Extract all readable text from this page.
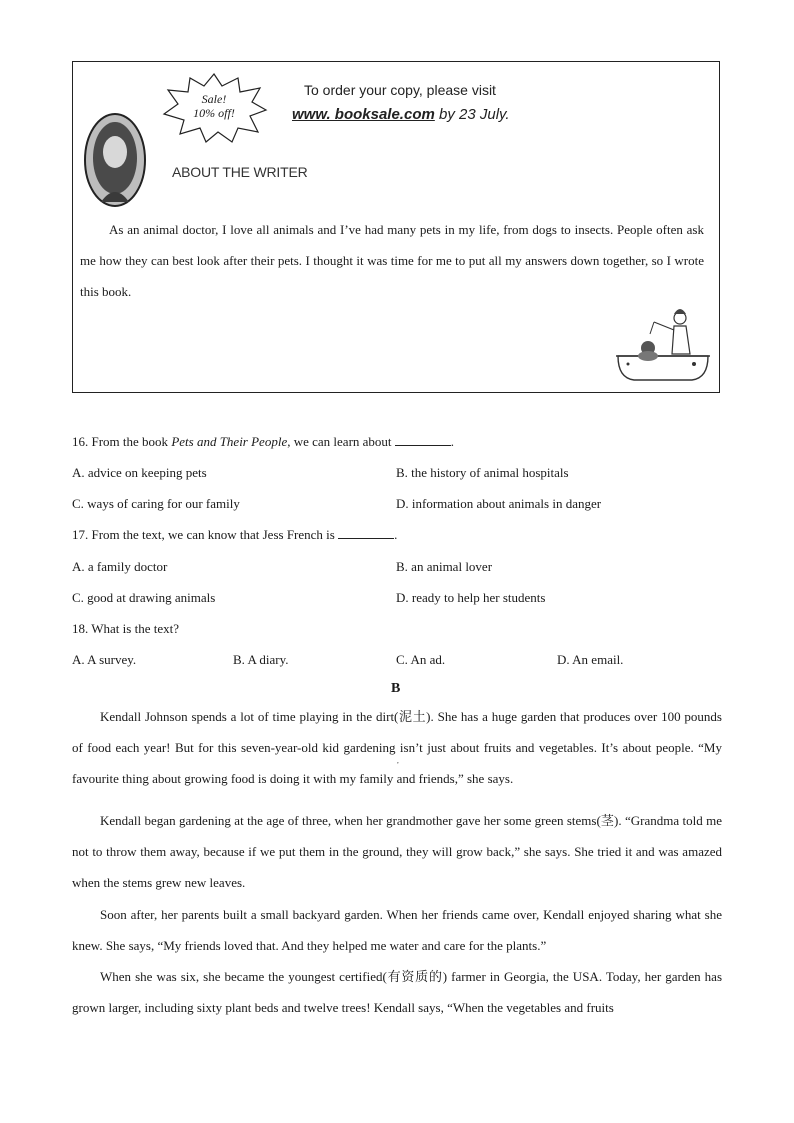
Sale!
10% off!
To order your copy, please visit
www. booksale.com by 23 July.
ABOUT THE WRITER
As an animal doctor, I love all animals and I’ve had many pets in my life, from dogs to insects. People often ask me how they can best look after their pets. I thought it was time for me to put all my answers down together, so I wrote this book.
16. From the book Pets and Their People, we can learn about	.
A. advice on keeping pets	B. the history of animal hospitals
C. ways of caring for our family	D. information about animals in danger
17. From the text, we can know that Jess French is	.
A. a family doctor	B. an animal lover
C. good at drawing animals	D. ready to help her students
18. What is the text?
A. A survey.	B. A diary.	C. An ad.	D. An email.
B
,
Kendall Johnson spends a lot of time playing in the dirt(泥土). She has a huge garden that produces over 100 pounds of food each year! But for this seven-year-old kid gardening isn’t just about fruits and vegetables. It’s about people. “My favourite thing about growing food is doing it with my family and friends,” she says.
Kendall began gardening at the age of three, when her grandmother gave her some green stems(茎). “Grandma told me not to throw them away, because if we put them in the ground, they will grow back,” she says. She tried it and was amazed when the stems grew new leaves.
Soon after, her parents built a small backyard garden. When her friends came over, Kendall enjoyed sharing what she knew. She says, “My friends loved that. And they helped me water and care for the plants.”
When she was six, she became the youngest certified(有资质的) farmer in Georgia, the USA. Today, her garden has grown larger, including sixty plant beds and twelve trees! Kendall says, “When the vegetables and fruits
